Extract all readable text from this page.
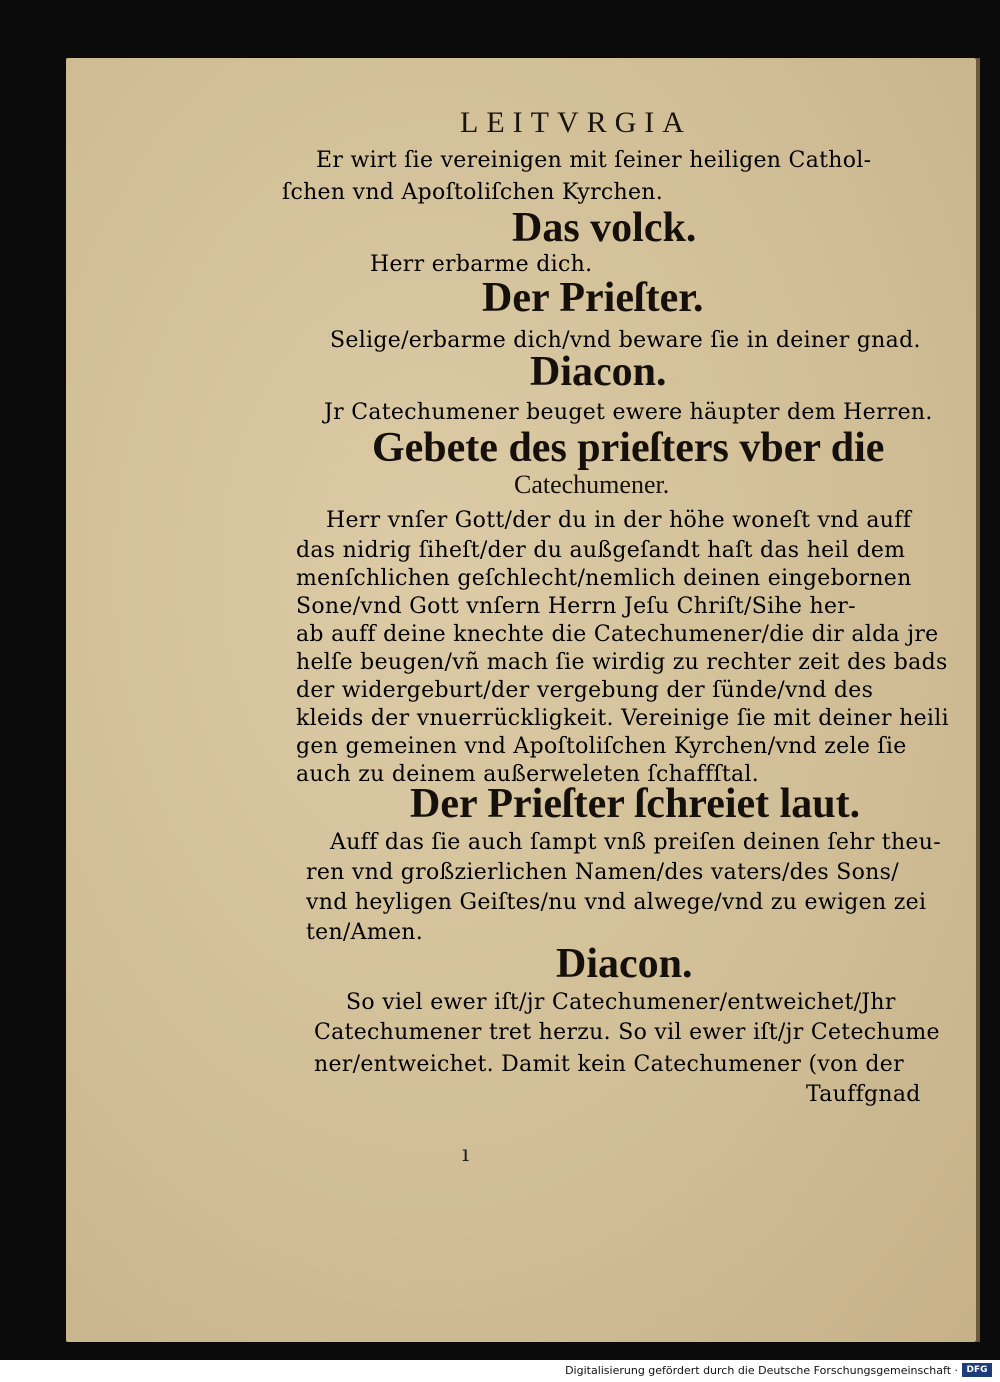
LEITVRGIA
Er wirt ſie vereinigen mit ſeiner heiligen Cathol-
ſchen vnd Apoſtoliſchen Kyrchen.
Das volck.
Herr erbarme dich.
Der Prieſter.
Selige/erbarme dich/vnd beware ſie in deiner gnad.
Diacon.
Jr Catechumener beuget ewere häupter dem Herren.
Gebete des prieſters vber die
Catechumener.
Herr vnſer Gott/der du in der höhe woneſt vnd auff
das nidrig ſiheſt/der du außgeſandt haſt das heil dem
menſchlichen geſchlecht/nemlich deinen eingebornen
Sone/vnd Gott vnſern Herrn Jeſu Chriſt/Sihe her-
ab auff deine knechte die Catechumener/die dir alda jre
helſe beugen/vñ mach ſie wirdig zu rechter zeit des bads
der widergeburt/der vergebung der ſünde/vnd des
kleids der vnuerrückligkeit. Vereinige ſie mit deiner heili
gen gemeinen vnd Apoſtoliſchen Kyrchen/vnd zele ſie
auch zu deinem außerweleten ſchaffſtal.
Der Prieſter ſchreiet laut.
Auff das ſie auch ſampt vnß preiſen deinen ſehr theu-
ren vnd großzierlichen Namen/des vaters/des Sons/
vnd heyligen Geiſtes/nu vnd alwege/vnd zu ewigen zei
ten/Amen.
Diacon.
So viel ewer iſt/jr Catechumener/entweichet/Jhr
Catechumener tret herzu. So vil ewer iſt/jr Cetechume
ner/entweichet. Damit kein Catechumener (von der
Tauffgnad
ı
Digitalisierung gefördert durch die Deutsche Forschungsgemeinschaft · DFG
